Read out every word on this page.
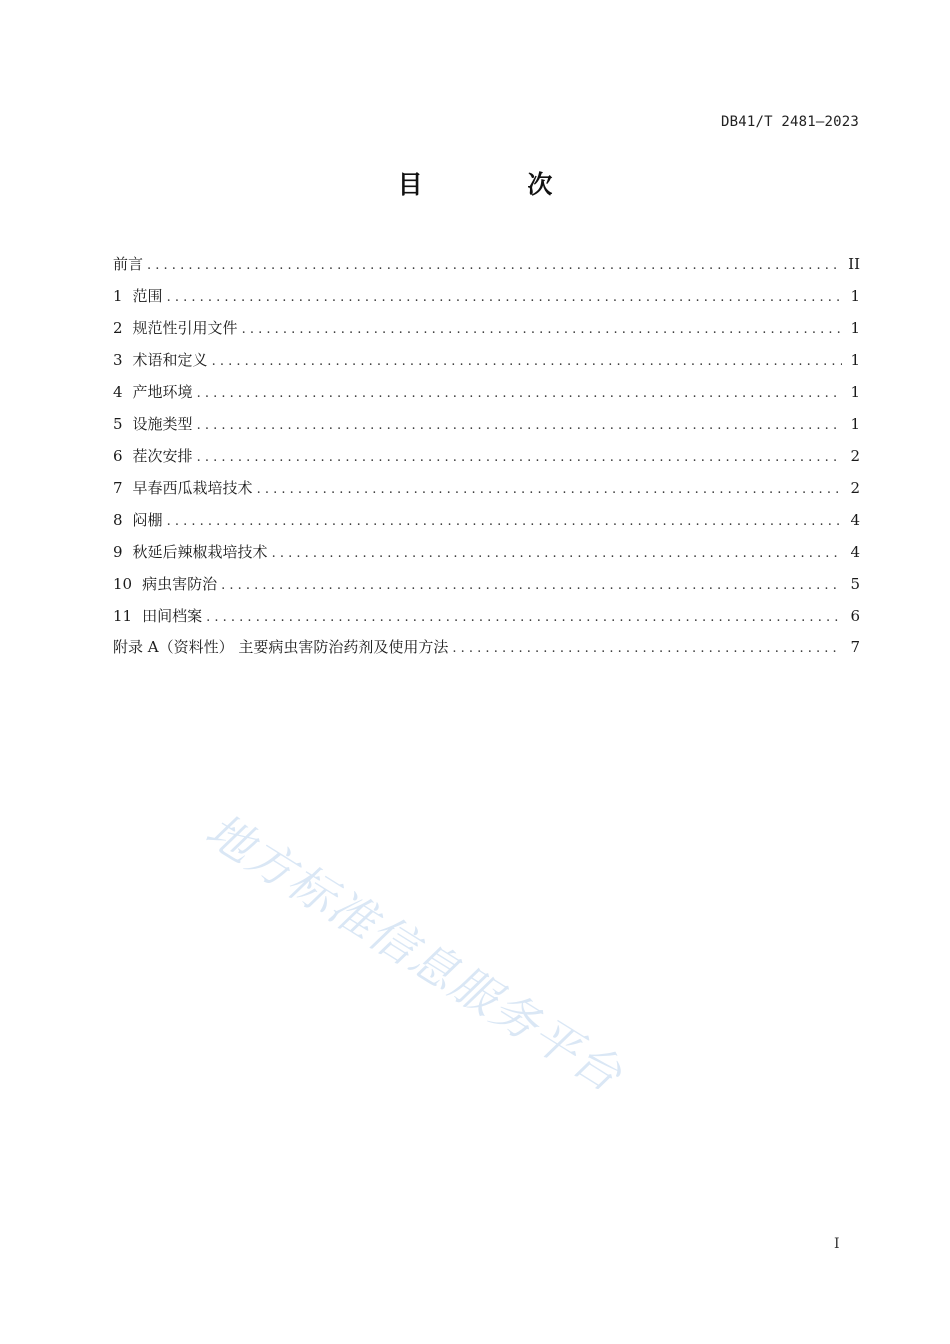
DB41/T 2481—2023
目 次
前言 . . .	II
1 范围 . . .	1
2 规范性引用文件 . . .	1
3 术语和定义 . . .	1
4 产地环境 . . .	1
5 设施类型 . . .	1
6 茬次安排 . . .	2
7 早春西瓜栽培技术 . . .	2
8 闷棚 . . .	4
9 秋延后辣椒栽培技术 . . .	4
10 病虫害防治 . . .	5
11 田间档案 . . .	6
附录 A（资料性） 主要病虫害防治药剂及使用方法 . . .	7
地方标准信息服务平台
I
